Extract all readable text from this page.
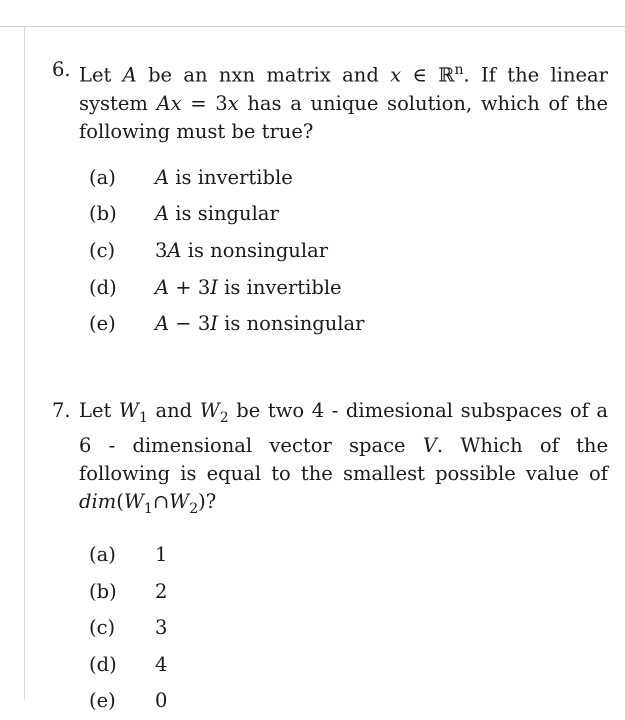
6. Let A be an nxn matrix and x ∈ ℝ$^n$. If the linear system Ax = 3x has a unique solution, which of the following must be true?
(a)	A is invertible
(b)	A is singular
(c)	3A is nonsingular
(d)	A + 3I is invertible
(e)	A − 3I is nonsingular
7. Let $W_1$ and $W_2$ be two 4 - dimesional subspaces of a 6 - dimensional vector space V. Which of the following is equal to the smallest possible value of $dim(W_1\cap W_2)$?
(a)	1
(b)	2
(c)	3
(d)	4
(e)	0
